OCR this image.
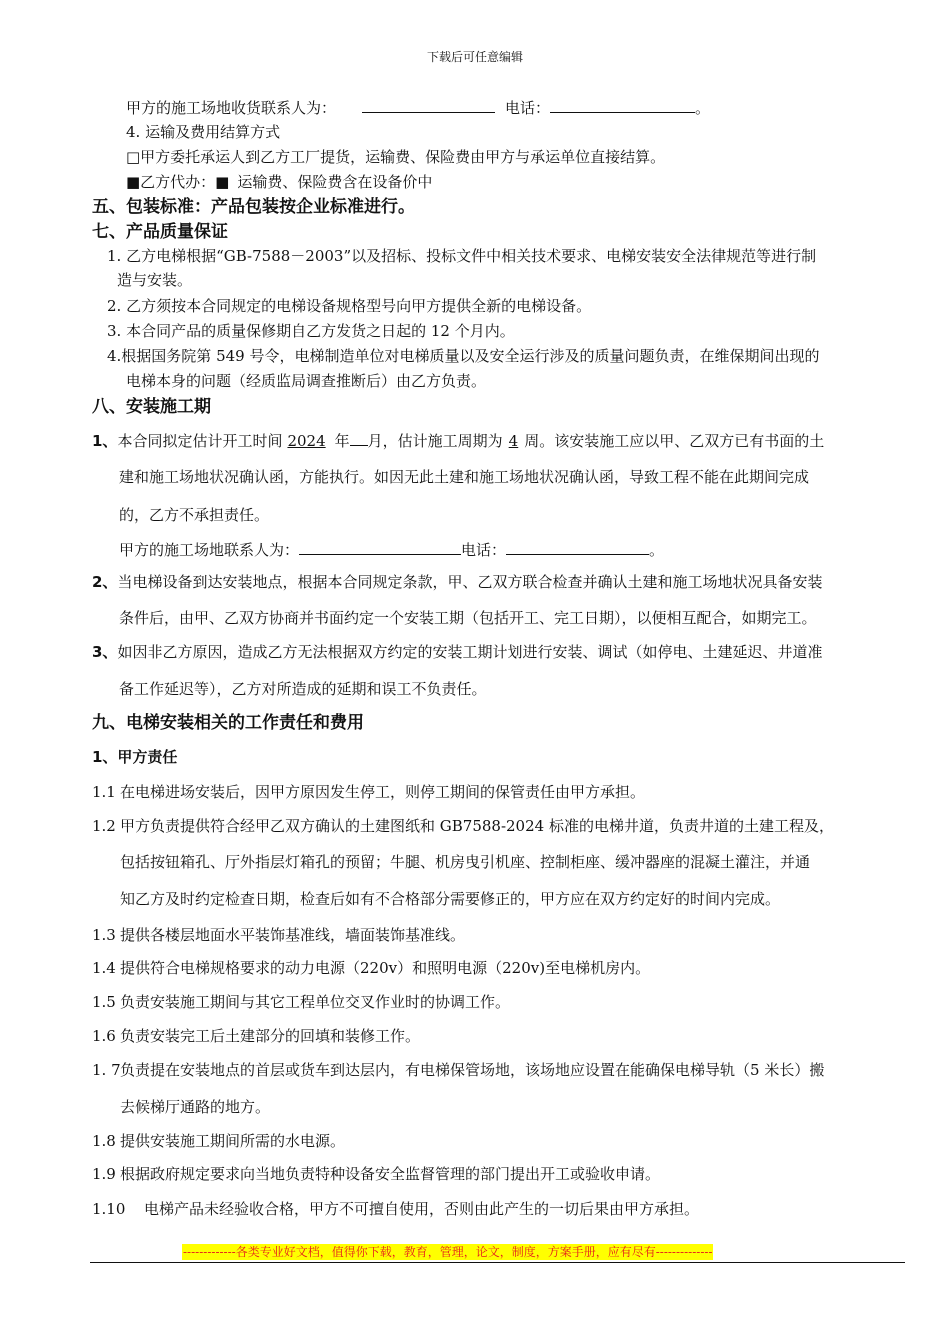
下载后可任意编辑
甲方的施工场地收货联系人为：	电话：	。
4. 运输及费用结算方式
□甲方委托承运人到乙方工厂提货，运输费、保险费由甲方与承运单位直接结算。
■乙方代办：■ 运输费、保险费含在设备价中
五、包装标准：产品包装按企业标准进行。
七、产品质量保证
1. 乙方电梯根据“GB-7588－2003”以及招标、投标文件中相关技术要求、电梯安装安全法律规范等进行制
造与安装。
2. 乙方须按本合同规定的电梯设备规格型号向甲方提供全新的电梯设备。
3. 本合同产品的质量保修期自乙方发货之日起的 12 个月内。
4.根据国务院第 549 号令，电梯制造单位对电梯质量以及安全运行涉及的质量问题负责，在维保期间出现的
电梯本身的问题（经质监局调查推断后）由乙方负责。
八、安装施工期
1、本合同拟定估计开工时间 2024 年 月，估计施工周期为 4 周。该安装施工应以甲、乙双方已有书面的土
建和施工场地状况确认函，方能执行。如因无此土建和施工场地状况确认函，导致工程不能在此期间完成
的，乙方不承担责任。
甲方的施工场地联系人为：	电话：	。
2、当电梯设备到达安装地点，根据本合同规定条款，甲、乙双方联合检查并确认土建和施工场地状况具备安装
条件后，由甲、乙双方协商并书面约定一个安装工期（包括开工、完工日期），以便相互配合，如期完工。
3、如因非乙方原因，造成乙方无法根据双方约定的安装工期计划进行安装、调试（如停电、土建延迟、井道准
备工作延迟等），乙方对所造成的延期和误工不负责任。
九、电梯安装相关的工作责任和费用
1、甲方责任
1.1 在电梯进场安装后，因甲方原因发生停工，则停工期间的保管责任由甲方承担。
1.2 甲方负责提供符合经甲乙双方确认的土建图纸和 GB7588-2024 标准的电梯井道，负责井道的土建工程及，
包括按钮箱孔、厅外指层灯箱孔的预留；牛腿、机房曳引机座、控制柜座、缓冲器座的混凝土灌注，并通
知乙方及时约定检查日期，检查后如有不合格部分需要修正的，甲方应在双方约定好的时间内完成。
1.3 提供各楼层地面水平装饰基准线，墙面装饰基准线。
1.4 提供符合电梯规格要求的动力电源（220v）和照明电源（220v)至电梯机房内。
1.5 负责安装施工期间与其它工程单位交叉作业时的协调工作。
1.6 负责安装完工后土建部分的回填和装修工作。
1. 7负责提在安装地点的首层或货车到达层内，有电梯保管场地，该场地应设置在能确保电梯导轨（5 米长）搬
去候梯厅通路的地方。
1.8 提供安装施工期间所需的水电源。
1.9 根据政府规定要求向当地负责特种设备安全监督管理的部门提出开工或验收申请。
1.10 电梯产品未经验收合格，甲方不可擅自使用，否则由此产生的一切后果由甲方承担。
-------------各类专业好文档，值得你下载，教育，管理，论文，制度，方案手册，应有尽有--------------
